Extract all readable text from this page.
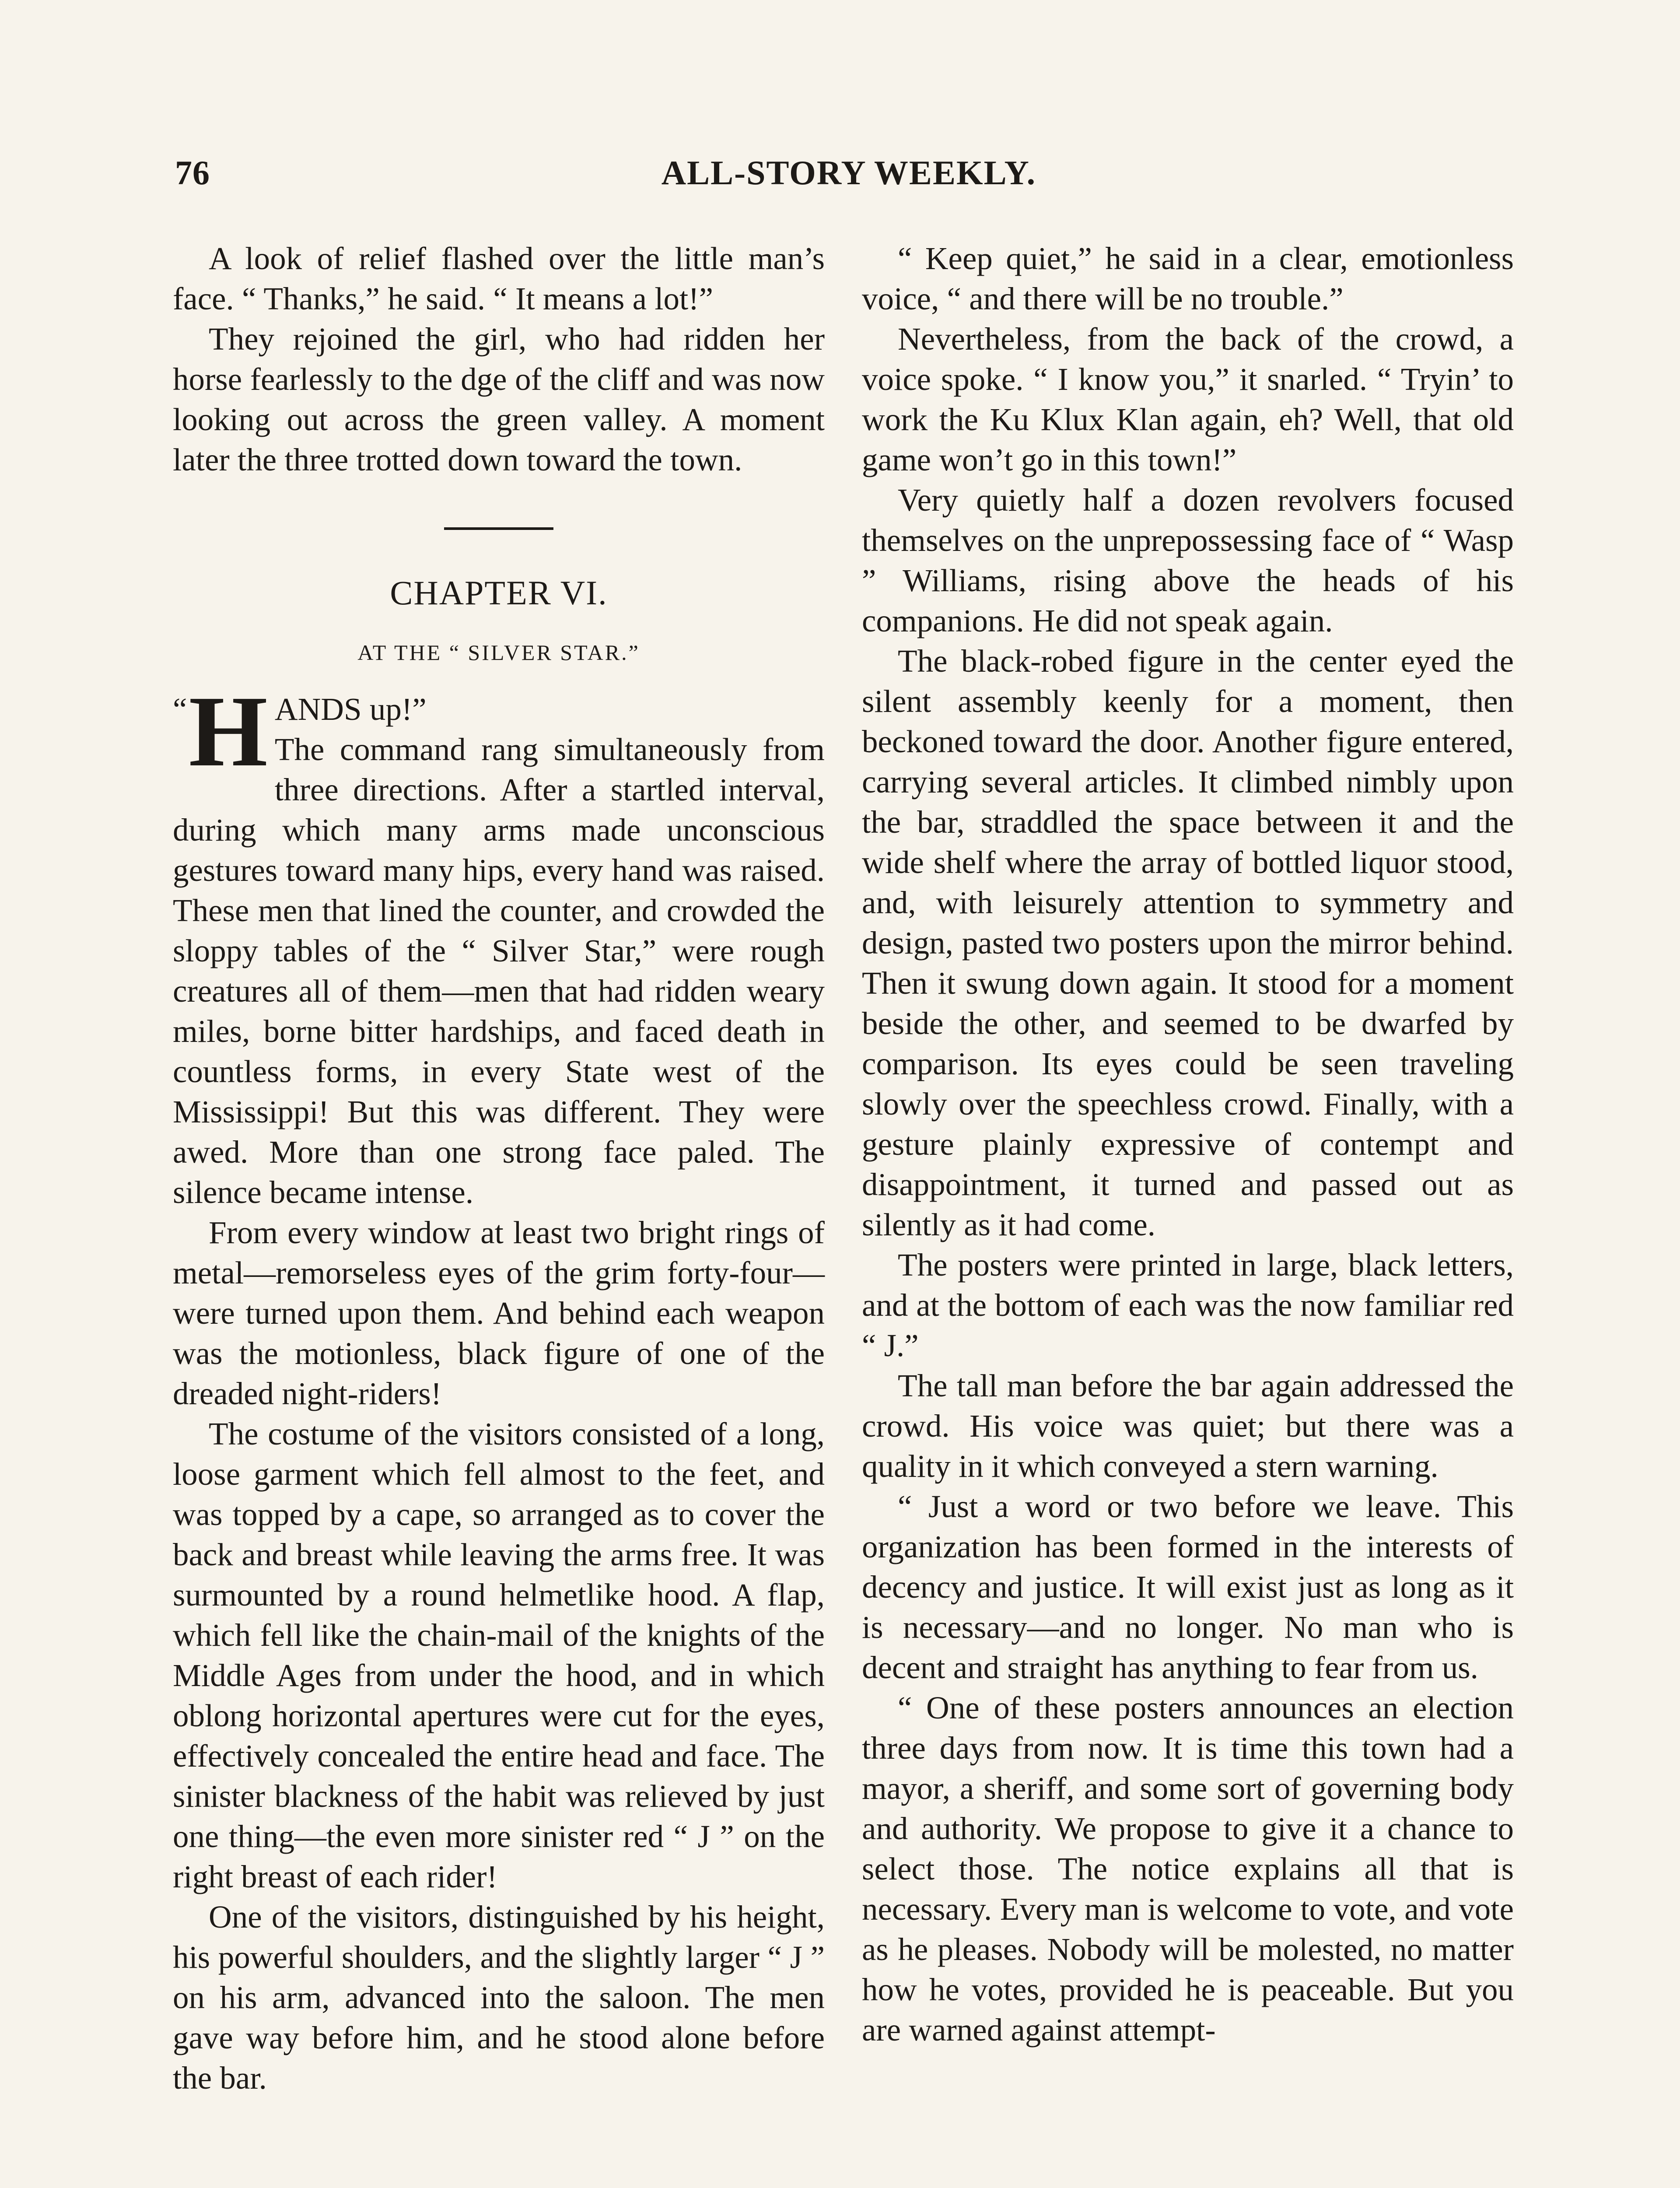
76	ALL-STORY WEEKLY.

A look of relief flashed over the little man’s face. “ Thanks,” he said. “ It means a lot!”

They rejoined the girl, who had ridden her horse fearlessly to the dge of the cliff and was now looking out across the green valley. A moment later the three trotted down toward the town.

CHAPTER VI.
AT THE “ SILVER STAR.”

“ H ANDS up!”
The command rang simultaneously from three directions. After a startled interval, during which many arms made unconscious gestures toward many hips, every hand was raised. These men that lined the counter, and crowded the sloppy tables of the “ Silver Star,” were rough creatures all of them—men that had ridden weary miles, borne bitter hardships, and faced death in countless forms, in every State west of the Mississippi! But this was different. They were awed. More than one strong face paled. The silence became intense.

From every window at least two bright rings of metal—remorseless eyes of the grim forty-four—were turned upon them. And behind each weapon was the motionless, black figure of one of the dreaded night-riders!

The costume of the visitors consisted of a long, loose garment which fell almost to the feet, and was topped by a cape, so arranged as to cover the back and breast while leaving the arms free. It was surmounted by a round helmetlike hood. A flap, which fell like the chain-mail of the knights of the Middle Ages from under the hood, and in which oblong horizontal apertures were cut for the eyes, effectively concealed the entire head and face. The sinister blackness of the habit was relieved by just one thing—the even more sinister red “ J ” on the right breast of each rider!

One of the visitors, distinguished by his height, his powerful shoulders, and the slightly larger “ J ” on his arm, advanced into the saloon. The men gave way before him, and he stood alone before the bar.

“ Keep quiet,” he said in a clear, emotionless voice, “ and there will be no trouble.”

Nevertheless, from the back of the crowd, a voice spoke. “ I know you,” it snarled. “ Tryin’ to work the Ku Klux Klan again, eh? Well, that old game won’t go in this town!”

Very quietly half a dozen revolvers focused themselves on the unprepossessing face of “ Wasp ” Williams, rising above the heads of his companions. He did not speak again.

The black-robed figure in the center eyed the silent assembly keenly for a moment, then beckoned toward the door. Another figure entered, carrying several articles. It climbed nimbly upon the bar, straddled the space between it and the wide shelf where the array of bottled liquor stood, and, with leisurely attention to symmetry and design, pasted two posters upon the mirror behind. Then it swung down again. It stood for a moment beside the other, and seemed to be dwarfed by comparison. Its eyes could be seen traveling slowly over the speechless crowd. Finally, with a gesture plainly expressive of contempt and disappointment, it turned and passed out as silently as it had come.

The posters were printed in large, black letters, and at the bottom of each was the now familiar red “ J.”

The tall man before the bar again addressed the crowd. His voice was quiet; but there was a quality in it which conveyed a stern warning.

“ Just a word or two before we leave. This organization has been formed in the interests of decency and justice. It will exist just as long as it is necessary—and no longer. No man who is decent and straight has anything to fear from us.

“ One of these posters announces an election three days from now. It is time this town had a mayor, a sheriff, and some sort of governing body and authority. We propose to give it a chance to select those. The notice explains all that is necessary. Every man is welcome to vote, and vote as he pleases. Nobody will be molested, no matter how he votes, provided he is peaceable. But you are warned against attempt-
